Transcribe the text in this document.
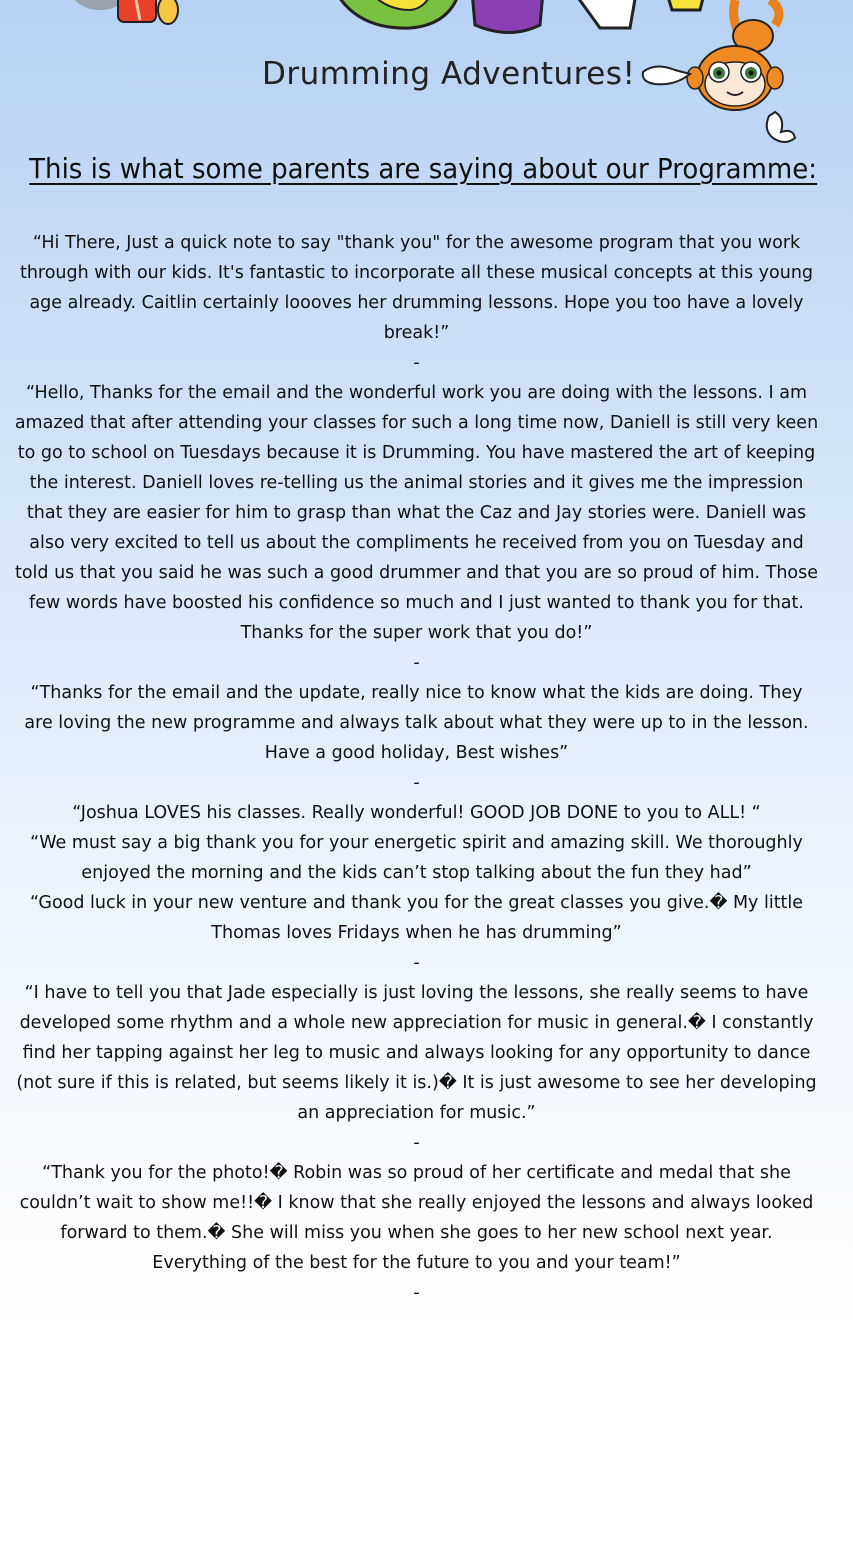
Drumming Adventures!
This is what some parents are saying about our Programme:

“Hi There, Just a quick note to say "thank you" for the awesome program that you work through with our kids. It's fantastic to incorporate all these musical concepts at this young age already. Caitlin certainly loooves her drumming lessons. Hope you too have a lovely break!”

-

“Hello, Thanks for the email and the wonderful work you are doing with the lessons. I am amazed that after attending your classes for such a long time now, Daniell is still very keen to go to school on Tuesdays because it is Drumming. You have mastered the art of keeping the interest. Daniell loves re-telling us the animal stories and it gives me the impression that they are easier for him to grasp than what the Caz and Jay stories were. Daniell was also very excited to tell us about the compliments he received from you on Tuesday and told us that you said he was such a good drummer and that you are so proud of him. Those few words have boosted his confidence so much and I just wanted to thank you for that. Thanks for the super work that you do!”

-

“Thanks for the email and the update, really nice to know what the kids are doing. They are loving the new programme and always talk about what they were up to in the lesson. Have a good holiday, Best wishes”

-

“Joshua LOVES his classes. Really wonderful! GOOD JOB DONE to you to ALL! “

“We must say a big thank you for your energetic spirit and amazing skill. We thoroughly enjoyed the morning and the kids can’t stop talking about the fun they had”

“Good luck in your new venture and thank you for the great classes you give.� My little Thomas loves Fridays when he has drumming”

-

“I have to tell you that Jade especially is just loving the lessons, she really seems to have developed some rhythm and a whole new appreciation for music in general.� I constantly find her tapping against her leg to music and always looking for any opportunity to dance (not sure if this is related, but seems likely it is.)� It is just awesome to see her developing an appreciation for music.”

-

“Thank you for the photo!� Robin was so proud of her certificate and medal that she couldn’t wait to show me!!� I know that she really enjoyed the lessons and always looked forward to them.� She will miss you when she goes to her new school next year. Everything of the best for the future to you and your team!”

-
